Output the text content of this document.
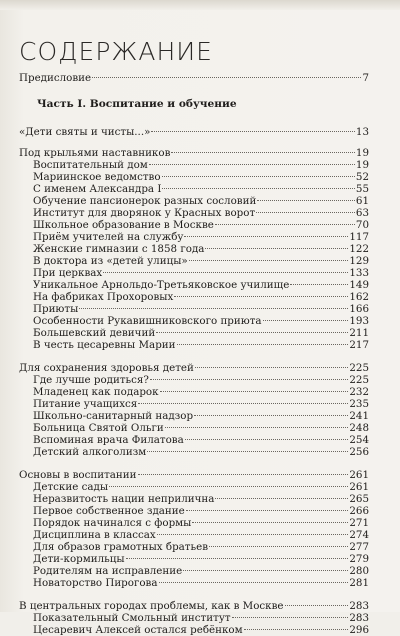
СОДЕРЖАНИЕ
Предисловие	7
Часть I. Воспитание и обучение
«Дети святы и чисты...»	13
Под крыльями наставников	19
Воспитательный дом	19
Мариинское ведомство	52
С именем Александра I	55
Обучение пансионерок разных сословий	61
Институт для дворянок у Красных ворот	63
Школьное образование в Москве	70
Приём учителей на службу	117
Женские гимназии с 1858 года	122
В доктора из «детей улицы»	129
При церквах	133
Уникальное Арнольдо-Третьяковское училище	149
На фабриках Прохоровых	162
Приюты	166
Особенности Рукавишниковского приюта	193
Большевский девичий	211
В честь цесаревны Марии	217
Для сохранения здоровья детей	225
Где лучше родиться?	225
Младенец как подарок	232
Питание учащихся	235
Школьно-санитарный надзор	241
Больница Святой Ольги	248
Вспоминая врача Филатова	254
Детский алкоголизм	256
Основы в воспитании	261
Детские сады	261
Неразвитость нации неприлична	265
Первое собственное здание	266
Порядок начинался с формы	271
Дисциплина в классах	274
Для образов грамотных братьев	277
Дети-кормильцы	279
Родителям на исправление	280
Новаторство Пирогова	281
В центральных городах проблемы, как в Москве	283
Показательный Смольный институт	283
Цесаревич Алексей остался ребёнком	296
